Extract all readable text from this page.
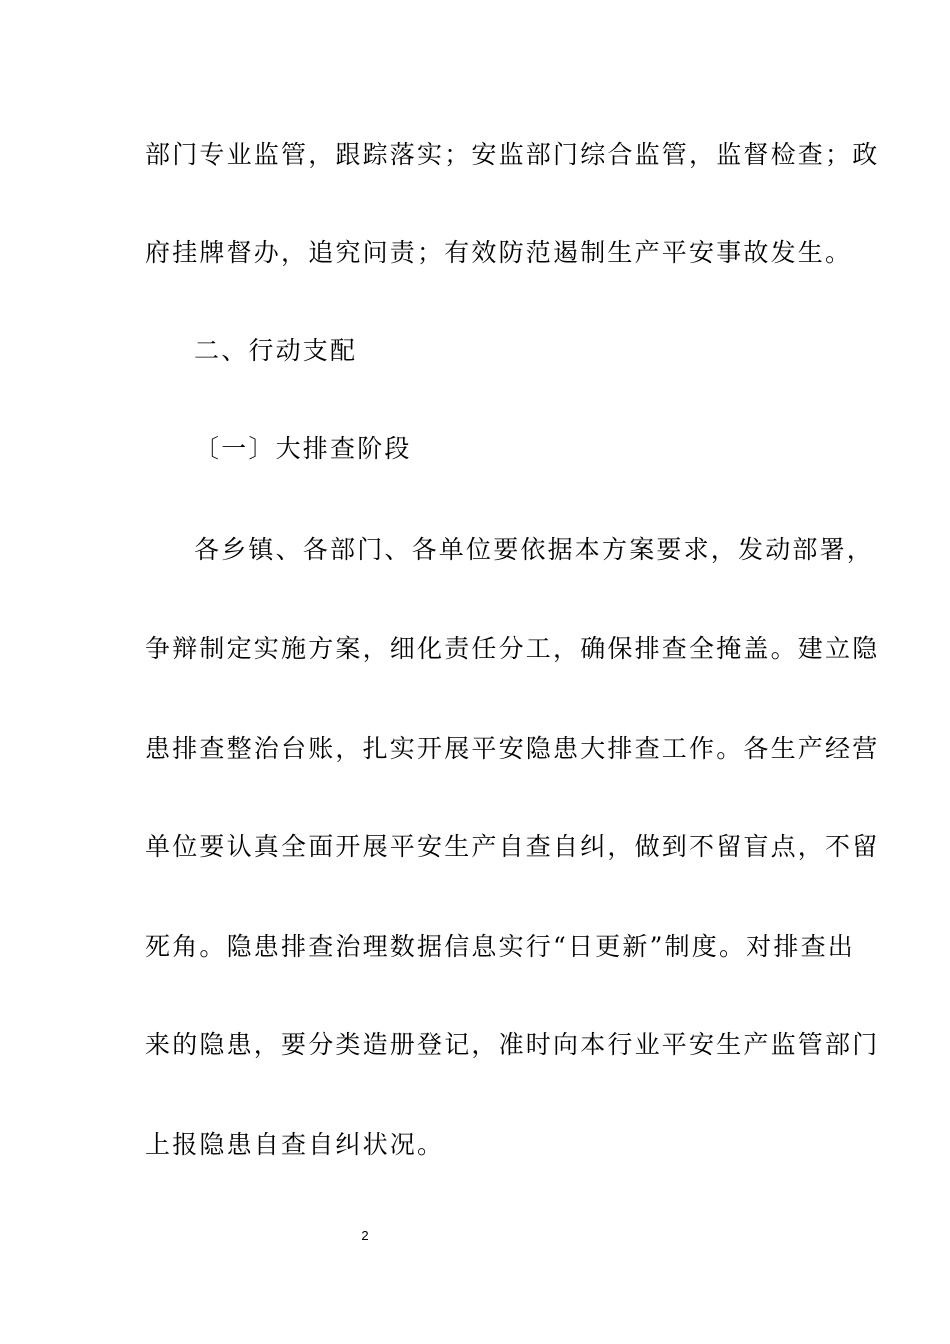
部门专业监管，跟踪落实；安监部门综合监管，监督检查；政
府挂牌督办，追究问责；有效防范遏制生产平安事故发生。
二、行动支配
〔一〕大排查阶段
各乡镇、各部门、各单位要依据本方案要求，发动部署，
争辩制定实施方案，细化责任分工，确保排查全掩盖。建立隐
患排查整治台账，扎实开展平安隐患大排查工作。各生产经营
单位要认真全面开展平安生产自查自纠，做到不留盲点，不留
死角。隐患排查治理数据信息实行“日更新”制度。对排查出
来的隐患，要分类造册登记，准时向本行业平安生产监管部门
上报隐患自查自纠状况。
2
